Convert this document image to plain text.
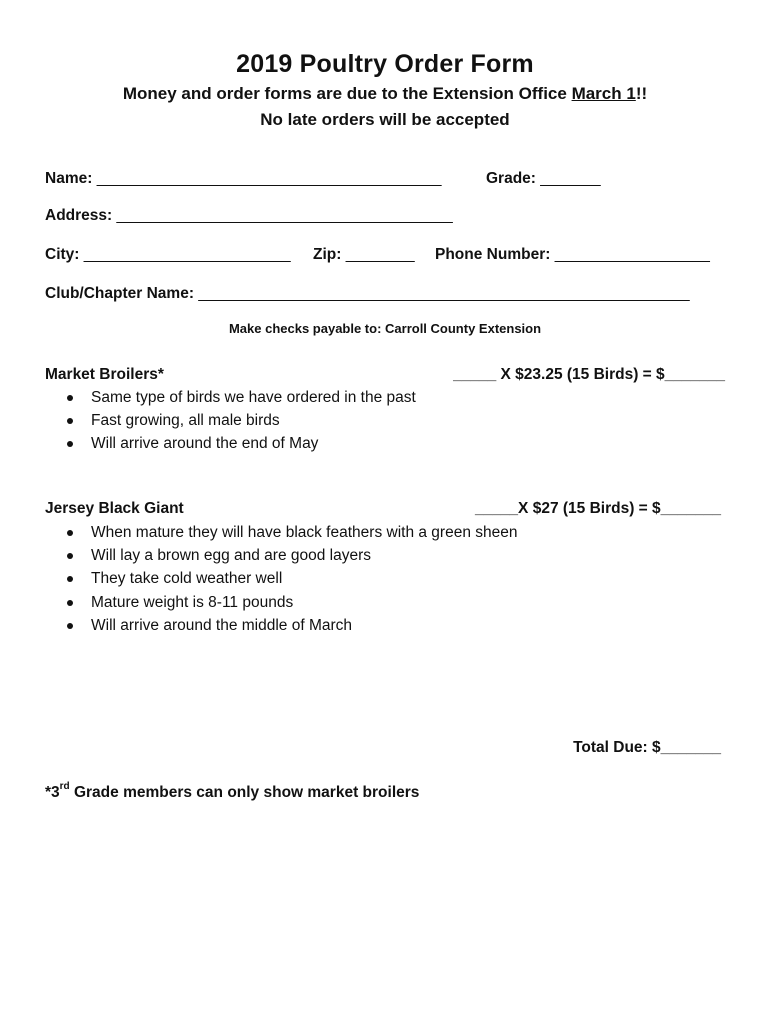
2019 Poultry Order Form
Money and order forms are due to the Extension Office March 1!!
No late orders will be accepted
Name: ________________________________________	Grade: _______
Address: _______________________________________
City: ________________________ Zip: ________ Phone Number: __________________
Club/Chapter Name: _________________________________________________________
Make checks payable to: Carroll County Extension
Market Broilers*	_____ X $23.25 (15 Birds) = $_______
Same type of birds we have ordered in the past
Fast growing, all male birds
Will arrive around the end of May
Jersey Black Giant	_____X $27 (15 Birds) = $_______
When mature they will have black feathers with a green sheen
Will lay a brown egg and are good layers
They take cold weather well
Mature weight is 8-11 pounds
Will arrive around the middle of March
Total Due: $_______
*3rd Grade members can only show market broilers
